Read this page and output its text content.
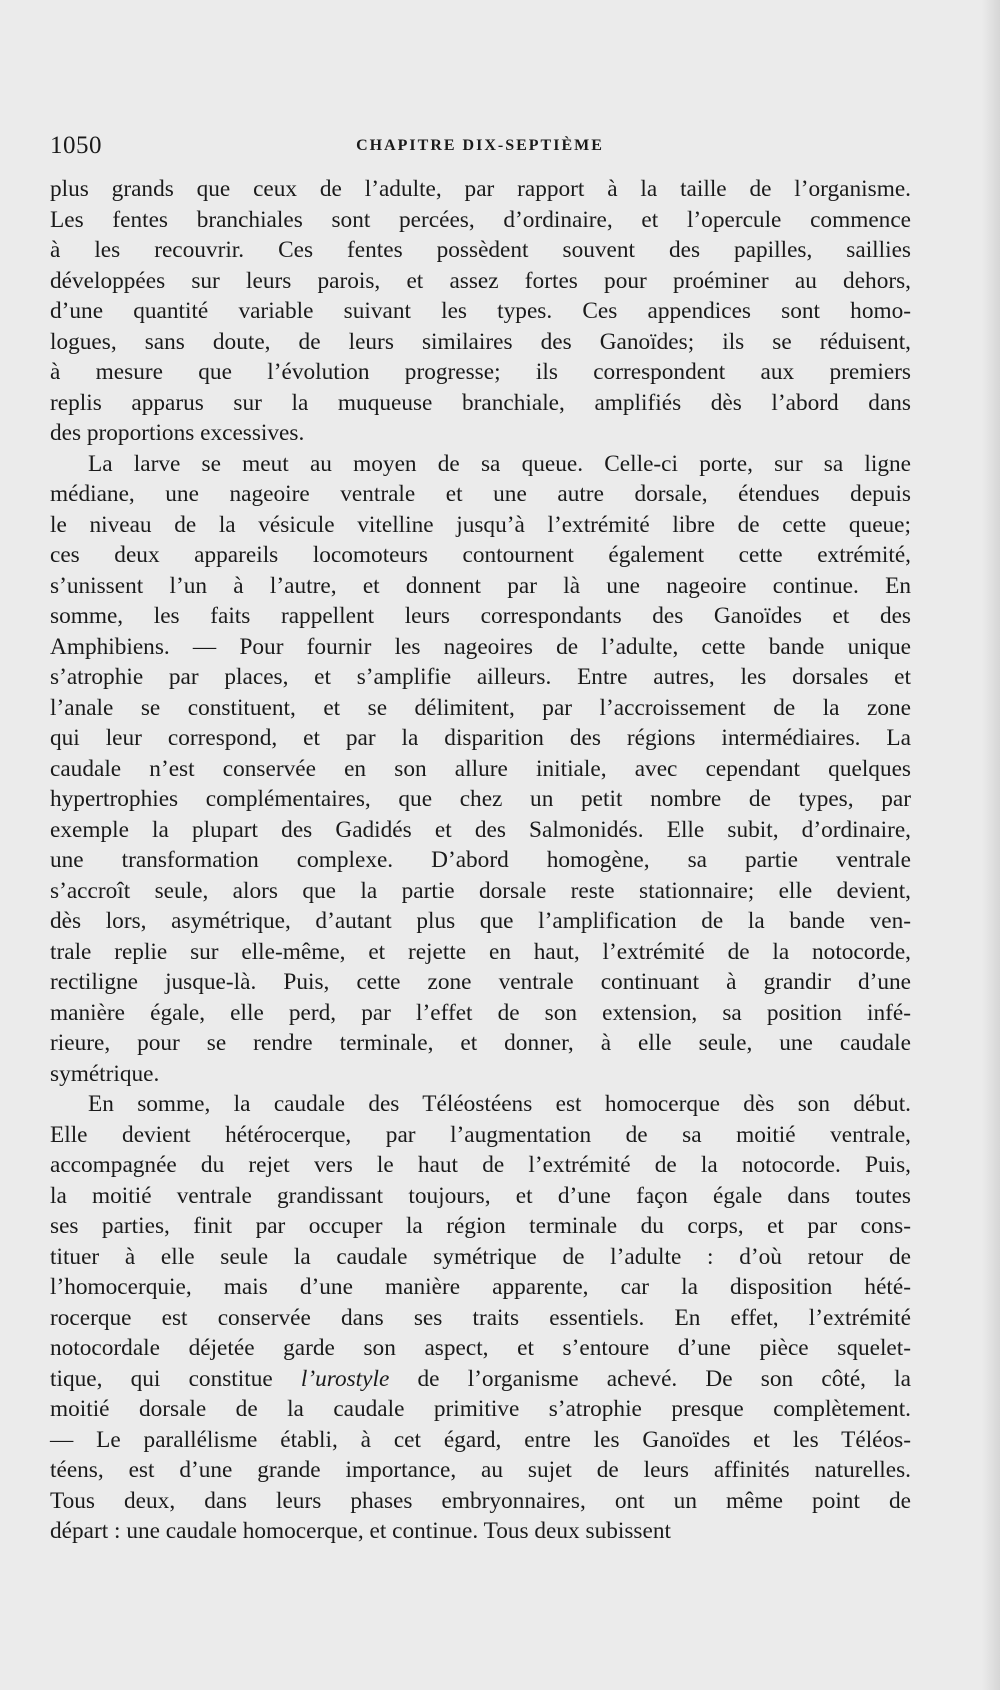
1050	CHAPITRE DIX-SEPTIÈME
plus grands que ceux de l’adulte, par rapport à la taille de l’organisme.
Les fentes branchiales sont percées, d’ordinaire, et l’opercule commence
à les recouvrir. Ces fentes possèdent souvent des papilles, saillies
développées sur leurs parois, et assez fortes pour proéminer au dehors,
d’une quantité variable suivant les types. Ces appendices sont homo-
logues, sans doute, de leurs similaires des Ganoïdes; ils se réduisent,
à mesure que l’évolution progresse; ils correspondent aux premiers
replis apparus sur la muqueuse branchiale, amplifiés dès l’abord dans
des proportions excessives.
La larve se meut au moyen de sa queue. Celle-ci porte, sur sa ligne
médiane, une nageoire ventrale et une autre dorsale, étendues depuis
le niveau de la vésicule vitelline jusqu’à l’extrémité libre de cette queue;
ces deux appareils locomoteurs contournent également cette extrémité,
s’unissent l’un à l’autre, et donnent par là une nageoire continue. En
somme, les faits rappellent leurs correspondants des Ganoïdes et des
Amphibiens. — Pour fournir les nageoires de l’adulte, cette bande unique
s’atrophie par places, et s’amplifie ailleurs. Entre autres, les dorsales et
l’anale se constituent, et se délimitent, par l’accroissement de la zone
qui leur correspond, et par la disparition des régions intermédiaires. La
caudale n’est conservée en son allure initiale, avec cependant quelques
hypertrophies complémentaires, que chez un petit nombre de types, par
exemple la plupart des Gadidés et des Salmonidés. Elle subit, d’ordinaire,
une transformation complexe. D’abord homogène, sa partie ventrale
s’accroît seule, alors que la partie dorsale reste stationnaire; elle devient,
dès lors, asymétrique, d’autant plus que l’amplification de la bande ven-
trale replie sur elle-même, et rejette en haut, l’extrémité de la notocorde,
rectiligne jusque-là. Puis, cette zone ventrale continuant à grandir d’une
manière égale, elle perd, par l’effet de son extension, sa position infé-
rieure, pour se rendre terminale, et donner, à elle seule, une caudale
symétrique.
En somme, la caudale des Téléostéens est homocerque dès son début.
Elle devient hétérocerque, par l’augmentation de sa moitié ventrale,
accompagnée du rejet vers le haut de l’extrémité de la notocorde. Puis,
la moitié ventrale grandissant toujours, et d’une façon égale dans toutes
ses parties, finit par occuper la région terminale du corps, et par cons-
tituer à elle seule la caudale symétrique de l’adulte : d’où retour de
l’homocerquie, mais d’une manière apparente, car la disposition hété-
rocerque est conservée dans ses traits essentiels. En effet, l’extrémité
notocordale déjetée garde son aspect, et s’entoure d’une pièce squelet-
tique, qui constitue l’urostyle de l’organisme achevé. De son côté, la
moitié dorsale de la caudale primitive s’atrophie presque complètement.
— Le parallélisme établi, à cet égard, entre les Ganoïdes et les Téléos-
téens, est d’une grande importance, au sujet de leurs affinités naturelles.
Tous deux, dans leurs phases embryonnaires, ont un même point de
départ : une caudale homocerque, et continue. Tous deux subissent
